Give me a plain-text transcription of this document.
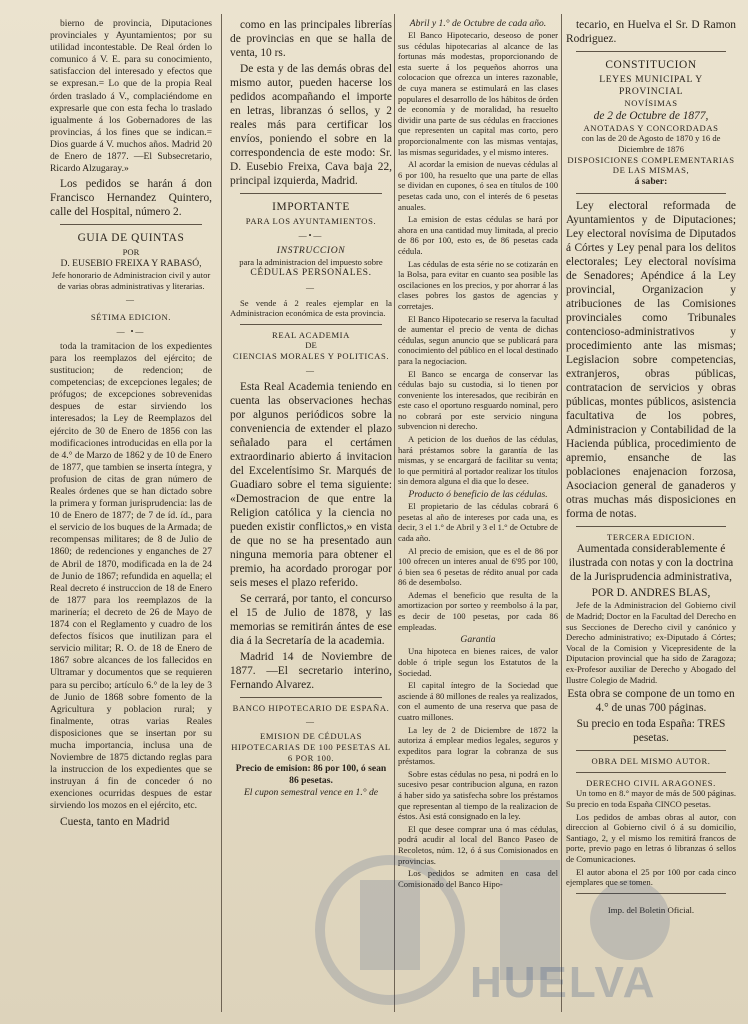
bierno de provincia, Diputaciones provinciales y Ayuntamientos; por su utilidad incontestable. De Real órden lo comunico á V. E. para su conocimiento, satisfaccion del interesado y efectos que se expresan.= Lo que de la propia Real órden traslado á V., complaciéndome en expresarle que con esta fecha lo traslado igualmente á los Gobernadores de las provincias, á los fines que se indican.= Dios guarde á V. muchos años. Madrid 20 de Enero de 1877. —El Subsecretario, Ricardo Alzugaray.»

Los pedidos se harán á don Francisco Hernandez Quintero, calle del Hospital, número 2.

GUIA DE QUINTAS
POR
D. EUSEBIO FREIXA Y RABASÓ,

Jefe honorario de Administracion civil y autor de varias obras administrativas y literarias.

—
SÉTIMA EDICION.
— •—

toda la tramitacion de los expedientes para los reemplazos del ejército; de sustitucion; de redencion; de competencias; de excepciones legales; de prófugos; de excepciones sobrevenidas despues de estar sirviendo los interesados; la Ley de Reemplazos del ejército de 30 de Enero de 1856 con las modificaciones introducidas en ella por la de 4.° de Marzo de 1862 y de 10 de Enero de 1877, que tambien se inserta íntegra, y profusion de citas de gran número de Reales órdenes que se han dictado sobre la primera y forman jurisprudencia: las de 10 de Enero de 1877; de 7 de íd. íd., para el servicio de los buques de la Armada; de recompensas militares; de 8 de Julio de 1860; de redenciones y enganches de 27 de Abril de 1870, modificada en la de 24 de Junio de 1867; refundida en aquella; el Real decreto é instruccion de 18 de Enero de 1877 para los reemplazos de la marinería; el decreto de 26 de Mayo de 1874 con el Reglamento y cuadro de los defectos físicos que inutilizan para el servicio militar; R. O. de 18 de Enero de 1867 sobre alcances de los fallecidos en Ultramar y documentos que se requieren para su percibo; artículo 6.° de la ley de 3 de Junio de 1868 sobre fomento de la Agricultura y poblacion rural; y finalmente, otras varias Reales disposiciones que se insertan por su mucha importancia, inclusa una de Noviembre de 1875 dictando reglas para la instruccion de los expedientes que se instruyan á fin de conceder ó no exenciones ocurridas despues de estar sirviendo los mozos en el ejército, etc.

Cuesta, tanto en Madrid

como en las principales librerías de provincias en que se halla de venta, 10 rs.

De esta y de las demás obras del mismo autor, pueden hacerse los pedidos acompañando el importe en letras, libranzas ó sellos, y 2 reales más para certificar los envíos, poniendo el sobre en la correspondencia de este modo: Sr. D. Eusebio Freixa, Cava baja 22, principal izquierda, Madrid.

IMPORTANTE
PARA LOS AYUNTAMIENTOS.
—•—
INSTRUCCION
para la administracion del impuesto sobre
CÉDULAS PERSONALES.
—

Se vende á 2 reales ejemplar en la Administracion económica de esta provincia.

REAL ACADEMIA
DE
CIENCIAS MORALES Y POLITICAS.
—

Esta Real Academia teniendo en cuenta las observaciones hechas por algunos periódicos sobre la conveniencia de extender el plazo señalado para el certámen extraordinario abierto á invitacion del Excelentísimo Sr. Marqués de Guadiaro sobre el tema siguiente: «Demostracion de que entre la Religion católica y la ciencia no pueden existir conflictos,» en vista de que no se ha presentado aun ninguna memoria para obtener el premio, ha acordado prorogar por seis meses el plazo referido.

Se cerrará, por tanto, el concurso el 15 de Julio de 1878, y las memorias se remitirán ántes de ese dia á la Secretaría de la academia.

Madrid 14 de Noviembre de 1877. —El secretario interino, Fernando Alvarez.

BANCO HIPOTECARIO DE ESPAÑA.
—
EMISION DE CÉDULAS HIPOTECARIAS DE 100 PESETAS AL 6 POR 100.
Precio de emision: 86 por 100, ó sean 86 pesetas.
El cupon semestral vence en 1.° de
Abril y 1.° de Octubre de cada año.

El Banco Hipotecario, deseoso de poner sus cédulas hipotecarias al alcance de las fortunas más modestas, proporcionando de esta suerte á los pequeños ahorros una colocacion que ofrezca un interes razonable, de cuya manera se estimulará en las clases populares el desarrollo de los hábitos de órden de economía y de moralidad, ha resuelto dividir una parte de sus cédulas en fracciones que representen un capital mas corto, pero proporcionalmente con las mismas ventajas, las mismas seguridades, y el mismo interes.

Al acordar la emision de nuevas cédulas al 6 por 100, ha resuelto que una parte de ellas se dividan en cupones, ó sea en títulos de 100 pesetas cada uno, con el interés de 6 pesetas anuales.

La emision de estas cédulas se hará por ahora en una cantidad muy limitada, al precio de 86 por 100, esto es, de 86 pesetas cada cédula.

Las cédulas de esta série no se cotizarán en la Bolsa, para evitar en cuanto sea posible las oscilaciones en los precios, y por ahorrar á las clases pobres los gastos de agencias y corretajes.

El Banco Hipotecario se reserva la facultad de aumentar el precio de venta de dichas cédulas, segun anuncio que se publicará para conocimiento del público en el local destinado para la negociacion.

El Banco se encarga de conservar las cédulas bajo su custodia, si lo tienen por conveniente los interesados, que recibirán en este caso el oportuno resguardo nominal, pero no cobrará por este servicio ninguna subvencion ni derecho.

A peticion de los dueños de las cédulas, hará préstamos sobre la garantía de las mismas, y se encargará de facilitar su venta; lo que permitirá al portador realizar los títulos sin demora alguna el dia que lo desee.

Producto ó beneficio de las cédulas.

El propietario de las cédulas cobrará 6 pesetas al año de intereses por cada una, es decir, 3 el 1.° de Abril y 3 el 1.° de Octubre de cada año.

Al precio de emision, que es el de 86 por 100 ofrecen un interes anual de 6'95 por 100, ó bien sea 6 pesetas de rédito anual por cada 86 de desembolso.

Ademas el beneficio que resulta de la amortizacion por sorteo y reembolso á la par, es decir de 100 pesetas, por cada 86 empleadas.

Garantia

Una hipoteca en bienes raices, de valor doble ó triple segun los Estatutos de la Sociedad.

El capital íntegro de la Sociedad que asciende á 80 millones de reales ya realizados, con el aumento de una reserva que pasa de cuatro millones.

La ley de 2 de Diciembre de 1872 la autoriza á emplear medios legales, seguros y expeditos para lograr la cobranza de sus préstamos.

Sobre estas cédulas no pesa, ni podrá en lo sucesivo pesar contribucion alguna, en razon á haber sido ya satisfecha sobre los préstamos que representan al tiempo de la realizacion de éstos. Asi está consignado en la ley.

El que desee comprar una ó mas cédulas, podrá acudir al local del Banco Paseo de Recoletos, núm. 12, ó á sus Comisionados en provincias.

Los pedidos se admiten en casa del Comisionado del Banco Hipo-

tecario, en Huelva el Sr. D Ramon Rodriguez.

CONSTITUCION
LEYES MUNICIPAL Y PROVINCIAL
NOVÍSIMAS
de 2 de Octubre de 1877,
ANOTADAS Y CONCORDADAS
con las de 20 de Agosto de 1870 y 16 de Diciembre de 1876
DISPOSICIONES COMPLEMENTARIAS DE LAS MISMAS,
á saber:

Ley electoral reformada de Ayuntamientos y de Diputaciones; Ley electoral novísima de Diputados á Córtes y Ley penal para los delitos electorales; Ley electoral novísima de Senadores; Apéndice á la Ley provincial, Organizacion y atribuciones de las Comisiones provinciales como Tribunales contencioso-administrativos y procedimiento ante las mismas; Legislacion sobre competencias, extranjeros, obras públicas, contratacion de servicios y obras públicas, montes públicos, asistencia facultativa de los pobres, Administracion y Contabilidad de la Hacienda pública, procedimiento de apremio, ensanche de las poblaciones enajenacion forzosa, Asociacion general de ganaderos y otras muchas más disposiciones en forma de notas.

TERCERA EDICION.

Aumentada considerablemente é ilustrada con notas y con la doctrina de la Jurisprudencia administrativa,

POR D. ANDRES BLAS,

Jefe de la Administracion del Gobierno civil de Madrid; Doctor en la Facultad del Derecho en sus Secciones de Derecho civil y canónico y Derecho administrativo; ex-Diputado á Córtes; Vocal de la Comision y Vicepresidente de la Diputacion provincial que ha sido de Zaragoza; ex-Profesor auxiliar de Derecho y Abogado del Ilustre Colegio de Madrid.

Esta obra se compone de un tomo en 4.° de unas 700 páginas.

Su precio en toda España: TRES pesetas.

OBRA DEL MISMO AUTOR.
DERECHO CIVIL ARAGONES.

Un tomo en 8.° mayor de más de 500 páginas. Su precio en toda España CINCO pesetas.

Los pedidos de ambas obras al autor, con direccion al Gobierno civil ó á su domicilio, Santiago, 2, y el mismo los remitirá francos de porte, previo pago en letras ó libranzas ó sellos de Comunicaciones.

El autor abona el 25 por 100 por cada cinco ejemplares que se tomen.

Imp. del Boletin Oficial.
HUELVA
